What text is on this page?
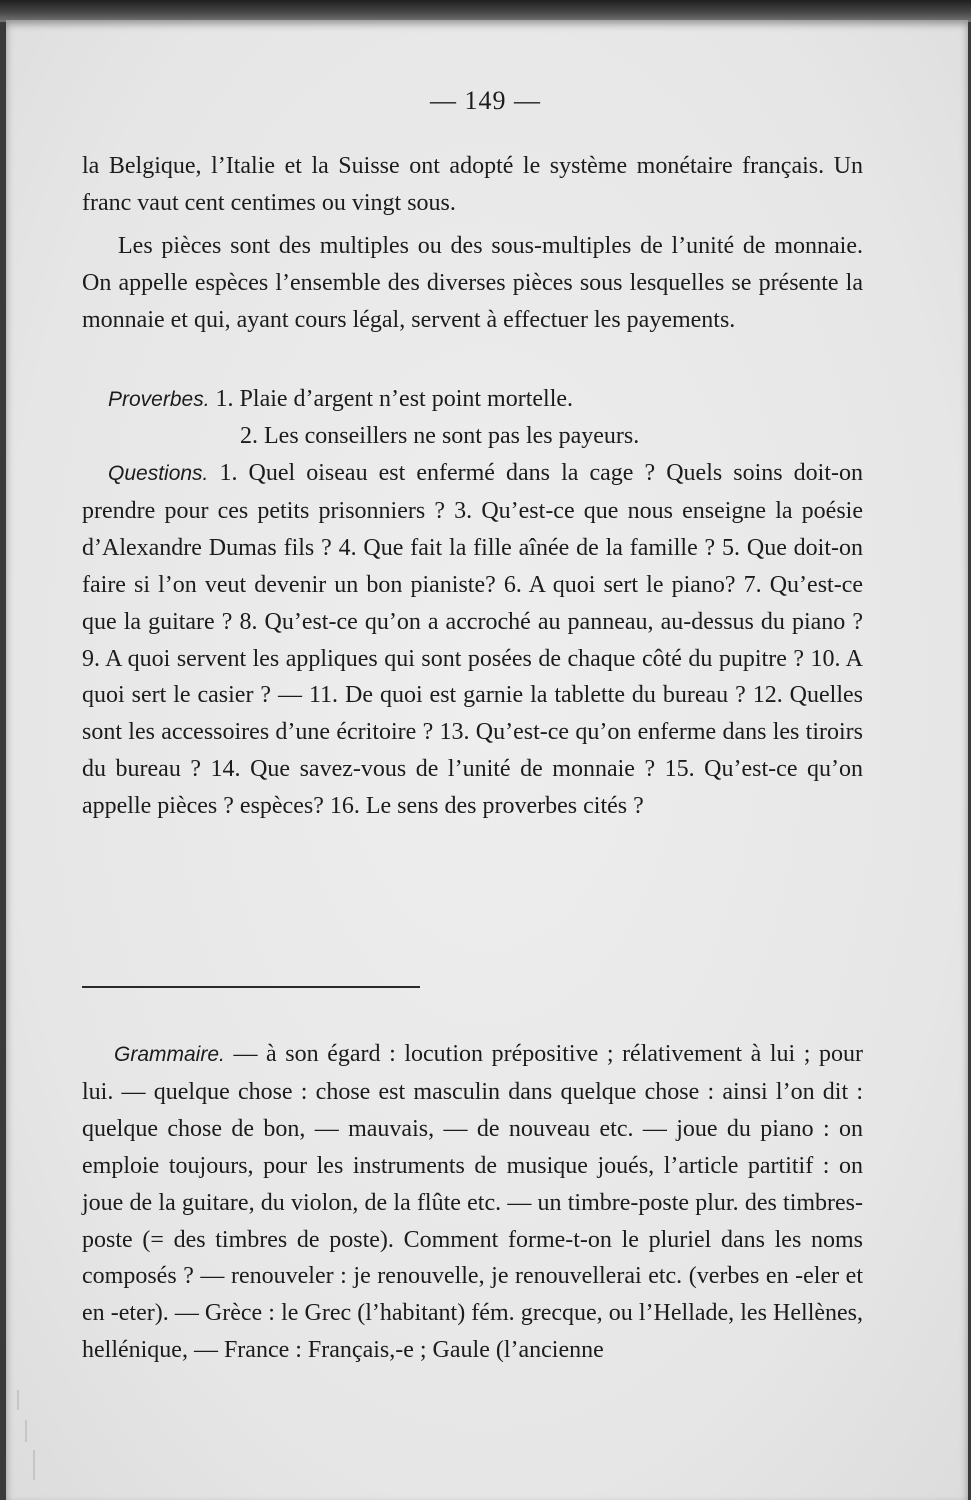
— 149 —

la Belgique, l’Italie et la Suisse ont adopté le système monétaire français. Un franc vaut cent centimes ou vingt sous.

Les pièces sont des multiples ou des sous-multiples de l’unité de monnaie. On appelle espèces l’ensemble des diverses pièces sous lesquelles se présente la monnaie et qui, ayant cours légal, servent à effectuer les payements.

Proverbes. 1. Plaie d’argent n’est point mortelle.
2. Les conseillers ne sont pas les payeurs.

Questions. 1. Quel oiseau est enfermé dans la cage ? Quels soins doit-on prendre pour ces petits prisonniers ? 3. Qu’est-ce que nous enseigne la poésie d’Alexandre Dumas fils ? 4. Que fait la fille aînée de la famille ? 5. Que doit-on faire si l’on veut devenir un bon pianiste? 6. A quoi sert le piano? 7. Qu’est-ce que la guitare ? 8. Qu’est-ce qu’on a accroché au panneau, au-dessus du piano ? 9. A quoi servent les appliques qui sont posées de chaque côté du pupitre ? 10. A quoi sert le casier ? — 11. De quoi est garnie la tablette du bureau ? 12. Quelles sont les accessoires d’une écritoire ? 13. Qu’est-ce qu’on enferme dans les tiroirs du bureau ? 14. Que savez-vous de l’unité de monnaie ? 15. Qu’est-ce qu’on appelle pièces ? espèces? 16. Le sens des proverbes cités ?

Grammaire. — à son égard : locution prépositive ; rélativement à lui ; pour lui. — quelque chose : chose est masculin dans quelque chose : ainsi l’on dit : quelque chose de bon, — mauvais, — de nouveau etc. — joue du piano : on emploie toujours, pour les instruments de musique joués, l’article partitif : on joue de la guitare, du violon, de la flûte etc. — un timbre-poste plur. des timbres-poste (= des timbres de poste). Comment forme-t-on le pluriel dans les noms composés ? — renouveler : je renouvelle, je renouvellerai etc. (verbes en -eler et en -eter). — Grèce : le Grec (l’habitant) fém. grecque, ou l’Hellade, les Hellènes, hellénique, — France : Français,-e ; Gaule (l’ancienne
